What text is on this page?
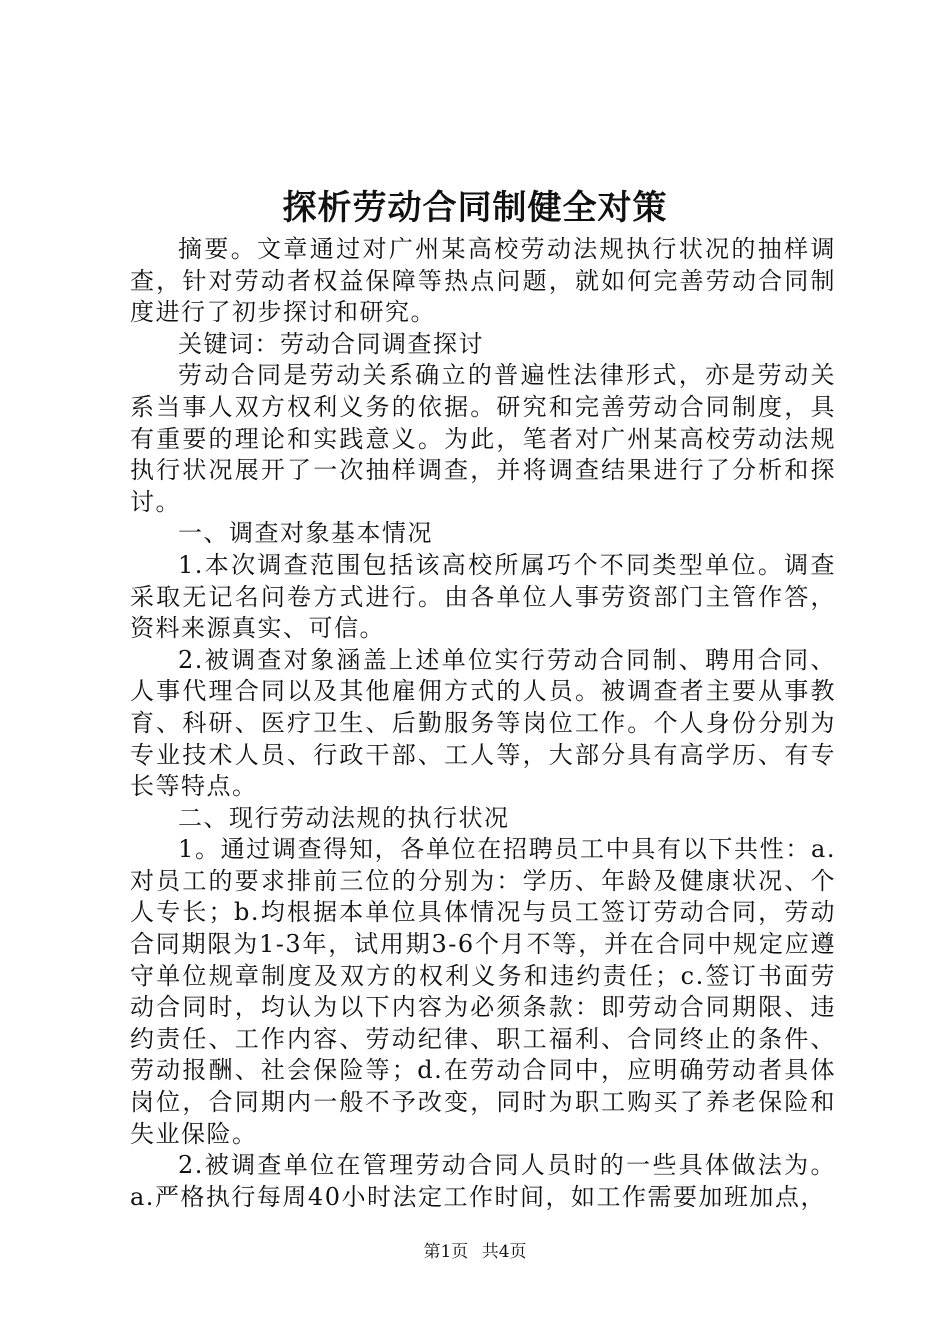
探析劳动合同制健全对策

摘要。文章通过对广州某高校劳动法规执行状况的抽样调查，针对劳动者权益保障等热点问题，就如何完善劳动合同制度进行了初步探讨和研究。

关键词：劳动合同调查探讨

劳动合同是劳动关系确立的普遍性法律形式，亦是劳动关系当事人双方权利义务的依据。研究和完善劳动合同制度，具有重要的理论和实践意义。为此，笔者对广州某高校劳动法规执行状况展开了一次抽样调查，并将调查结果进行了分析和探讨。

一、调查对象基本情况

1.本次调查范围包括该高校所属巧个不同类型单位。调查采取无记名问卷方式进行。由各单位人事劳资部门主管作答，资料来源真实、可信。

2.被调查对象涵盖上述单位实行劳动合同制、聘用合同、人事代理合同以及其他雇佣方式的人员。被调查者主要从事教育、科研、医疗卫生、后勤服务等岗位工作。个人身份分别为专业技术人员、行政干部、工人等，大部分具有高学历、有专长等特点。

二、现行劳动法规的执行状况

1。通过调查得知，各单位在招聘员工中具有以下共性：a.对员工的要求排前三位的分别为：学历、年龄及健康状况、个人专长；b.均根据本单位具体情况与员工签订劳动合同，劳动合同期限为1-3年，试用期3-6个月不等，并在合同中规定应遵守单位规章制度及双方的权利义务和违约责任；c.签订书面劳动合同时，均认为以下内容为必须条款：即劳动合同期限、违约责任、工作内容、劳动纪律、职工福利、合同终止的条件、劳动报酬、社会保险等；d.在劳动合同中，应明确劳动者具体岗位，合同期内一般不予改变，同时为职工购买了养老保险和失业保险。

2.被调查单位在管理劳动合同人员时的一些具体做法为。a.严格执行每周40小时法定工作时间，如工作需要加班加点，

第1页 共4页
